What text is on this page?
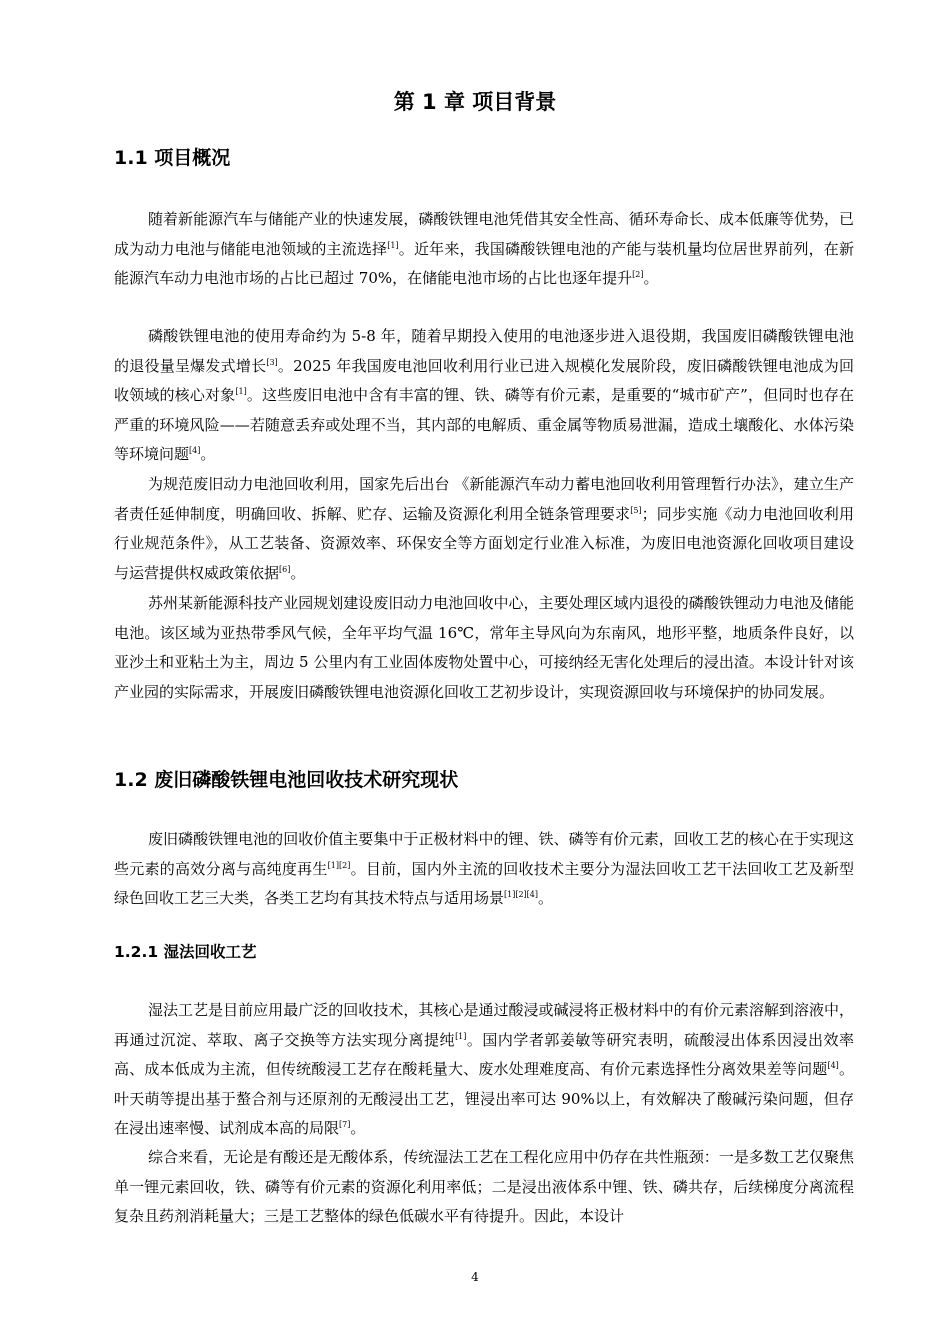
第 1 章 项目背景
1.1 项目概况

随着新能源汽车与储能产业的快速发展，磷酸铁锂电池凭借其安全性高、循环寿命长、成本低廉等优势，已成为动力电池与储能电池领域的主流选择[1]。近年来，我国磷酸铁锂电池的产能与装机量均位居世界前列，在新能源汽车动力电池市场的占比已超过 70%，在储能电池市场的占比也逐年提升[2]。

磷酸铁锂电池的使用寿命约为 5-8 年，随着早期投入使用的电池逐步进入退役期，我国废旧磷酸铁锂电池的退役量呈爆发式增长[3]。2025 年我国废电池回收利用行业已进入规模化发展阶段，废旧磷酸铁锂电池成为回收领域的核心对象[1]。这些废旧电池中含有丰富的锂、铁、磷等有价元素，是重要的“城市矿产”，但同时也存在严重的环境风险——若随意丢弃或处理不当，其内部的电解质、重金属等物质易泄漏，造成土壤酸化、水体污染等环境问题[4]。

为规范废旧动力电池回收利用，国家先后出台 《新能源汽车动力蓄电池回收利用管理暂行办法》，建立生产者责任延伸制度，明确回收、拆解、贮存、运输及资源化利用全链条管理要求[5]；同步实施《动力电池回收利用行业规范条件》，从工艺装备、资源效率、环保安全等方面划定行业准入标准，为废旧电池资源化回收项目建设与运营提供权威政策依据[6]。

苏州某新能源科技产业园规划建设废旧动力电池回收中心，主要处理区域内退役的磷酸铁锂动力电池及储能电池。该区域为亚热带季风气候，全年平均气温 16℃，常年主导风向为东南风，地形平整，地质条件良好，以亚沙土和亚粘土为主，周边 5 公里内有工业固体废物处置中心，可接纳经无害化处理后的浸出渣。本设计针对该产业园的实际需求，开展废旧磷酸铁锂电池资源化回收工艺初步设计，实现资源回收与环境保护的协同发展。

1.2 废旧磷酸铁锂电池回收技术研究现状

废旧磷酸铁锂电池的回收价值主要集中于正极材料中的锂、铁、磷等有价元素，回收工艺的核心在于实现这些元素的高效分离与高纯度再生[1][2]。目前，国内外主流的回收技术主要分为湿法回收工艺干法回收工艺及新型绿色回收工艺三大类，各类工艺均有其技术特点与适用场景[1][2][4]。

1.2.1 湿法回收工艺

湿法工艺是目前应用最广泛的回收技术，其核心是通过酸浸或碱浸将正极材料中的有价元素溶解到溶液中，再通过沉淀、萃取、离子交换等方法实现分离提纯[1]。国内学者郭姜敏等研究表明，硫酸浸出体系因浸出效率高、成本低成为主流，但传统酸浸工艺存在酸耗量大、废水处理难度高、有价元素选择性分离效果差等问题[4]。叶天萌等提出基于螯合剂与还原剂的无酸浸出工艺，锂浸出率可达 90%以上，有效解决了酸碱污染问题，但存在浸出速率慢、试剂成本高的局限[7]。

综合来看，无论是有酸还是无酸体系，传统湿法工艺在工程化应用中仍存在共性瓶颈：一是多数工艺仅聚焦单一锂元素回收，铁、磷等有价元素的资源化利用率低；二是浸出液体系中锂、铁、磷共存，后续梯度分离流程复杂且药剂消耗量大；三是工艺整体的绿色低碳水平有待提升。因此，本设计

4
